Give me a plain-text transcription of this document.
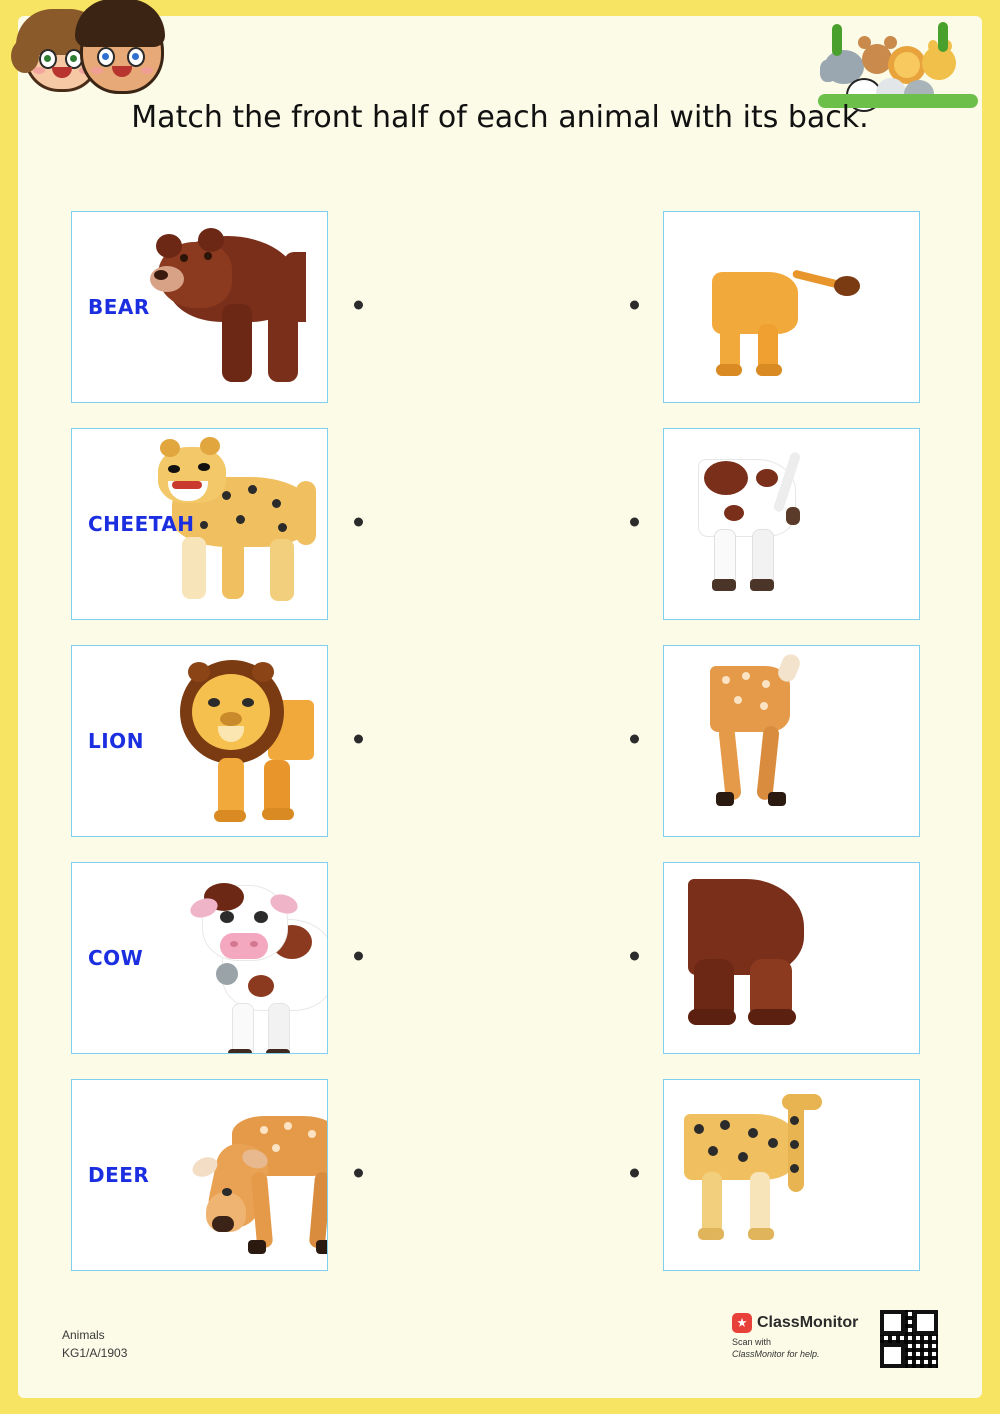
Match the front half of each animal with its back.
BEAR
CHEETAH
LION
COW
DEER
Animals
KG1/A/1903
ClassMonitor
Scan with
ClassMonitor for help.
